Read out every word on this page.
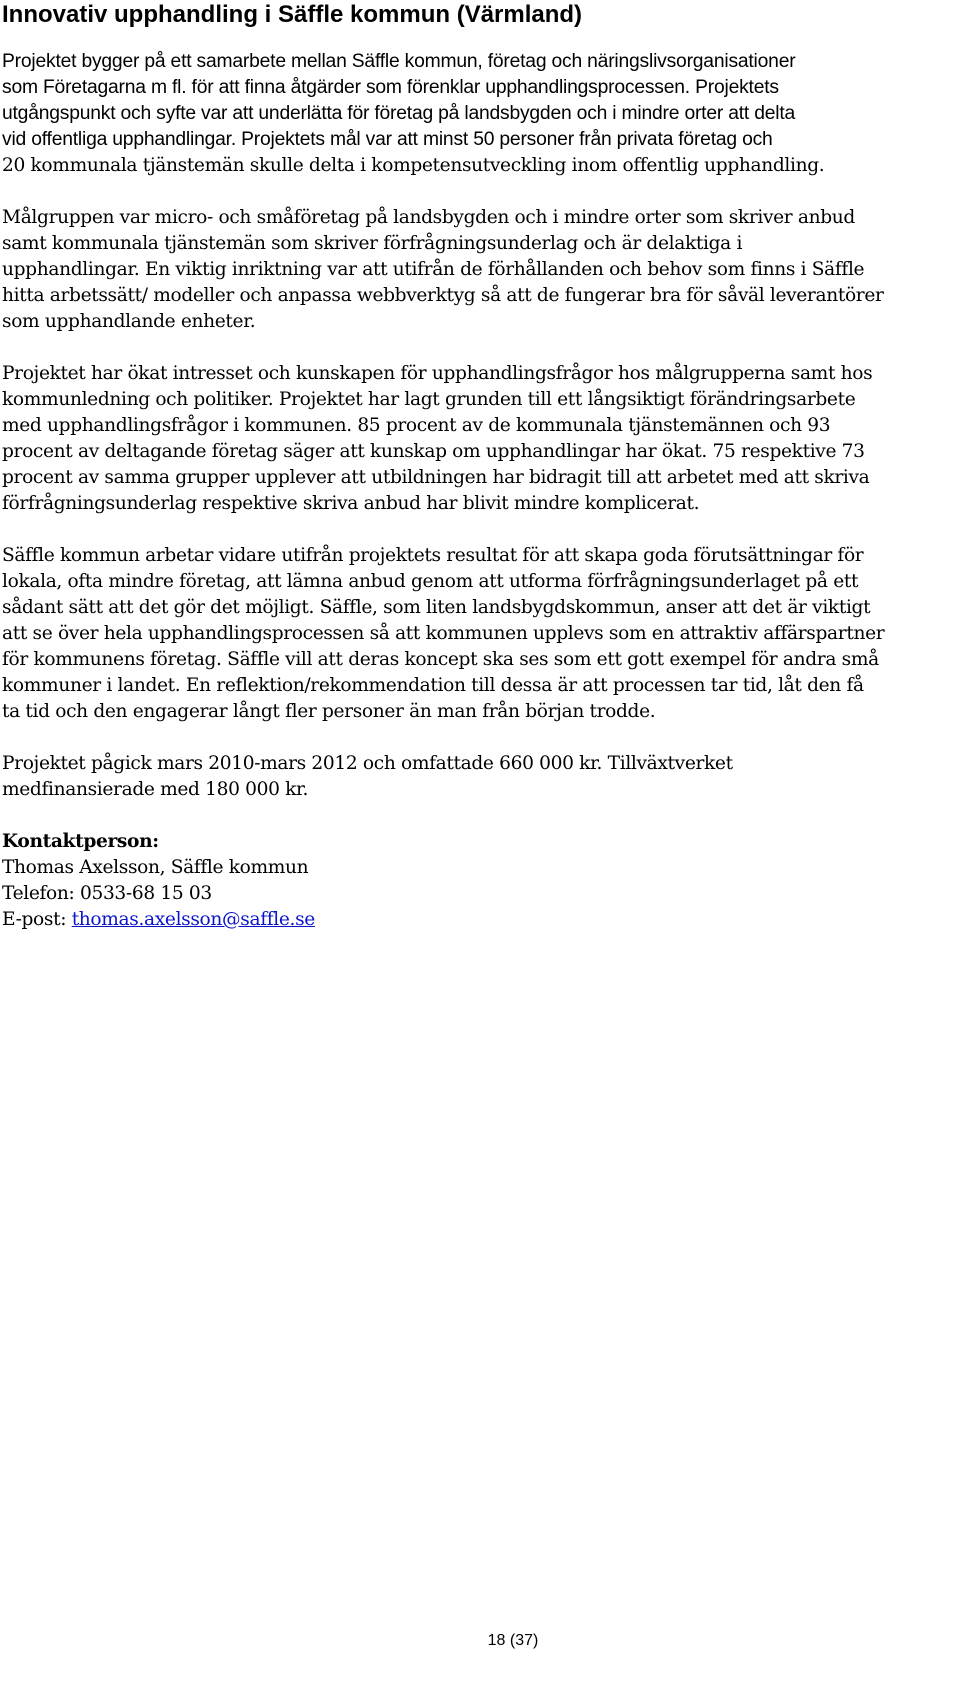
Innovativ upphandling i Säffle kommun (Värmland)

Projektet bygger på ett samarbete mellan Säffle kommun, företag och näringslivsorganisationer
som Företagarna m fl. för att finna åtgärder som förenklar upphandlingsprocessen. Projektets
utgångspunkt och syfte var att underlätta för företag på landsbygden och i mindre orter att delta
vid offentliga upphandlingar. Projektets mål var att minst 50 personer från privata företag och
20 kommunala tjänstemän skulle delta i kompetensutveckling inom offentlig upphandling.

Målgruppen var micro- och småföretag på landsbygden och i mindre orter som skriver anbud
samt kommunala tjänstemän som skriver förfrågningsunderlag och är delaktiga i
upphandlingar. En viktig inriktning var att utifrån de förhållanden och behov som finns i Säffle
hitta arbetssätt/ modeller och anpassa webbverktyg så att de fungerar bra för såväl leverantörer
som upphandlande enheter.

Projektet har ökat intresset och kunskapen för upphandlingsfrågor hos målgrupperna samt hos
kommunledning och politiker. Projektet har lagt grunden till ett långsiktigt förändringsarbete
med upphandlingsfrågor i kommunen. 85 procent av de kommunala tjänstemännen och 93
procent av deltagande företag säger att kunskap om upphandlingar har ökat. 75 respektive 73
procent av samma grupper upplever att utbildningen har bidragit till att arbetet med att skriva
förfrågningsunderlag respektive skriva anbud har blivit mindre komplicerat.

Säffle kommun arbetar vidare utifrån projektets resultat för att skapa goda förutsättningar för
lokala, ofta mindre företag, att lämna anbud genom att utforma förfrågningsunderlaget på ett
sådant sätt att det gör det möjligt. Säffle, som liten landsbygdskommun, anser att det är viktigt
att se över hela upphandlingsprocessen så att kommunen upplevs som en attraktiv affärspartner
för kommunens företag. Säffle vill att deras koncept ska ses som ett gott exempel för andra små
kommuner i landet. En reflektion/rekommendation till dessa är att processen tar tid, låt den få
ta tid och den engagerar långt fler personer än man från början trodde.

Projektet pågick mars 2010-mars 2012 och omfattade 660 000 kr. Tillväxtverket
medfinansierade med 180 000 kr.

Kontaktperson:
Thomas Axelsson, Säffle kommun
Telefon: 0533-68 15 03
E-post: thomas.axelsson@saffle.se
18 (37)
